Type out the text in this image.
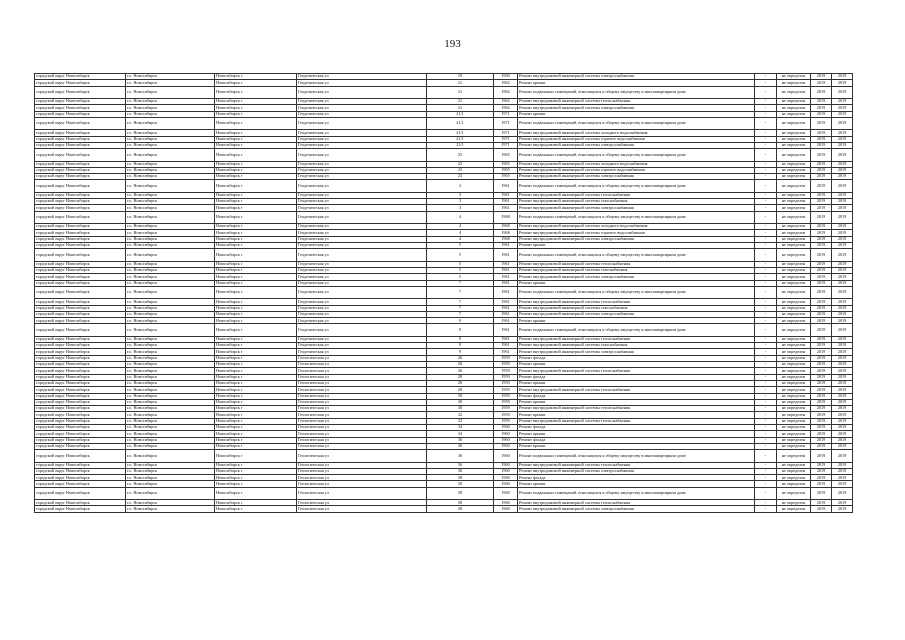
193
городской округ Новосибирск	г.о. Новосибирск	Новосибирск г	Геодезическая ул	19	1960	Ремонт внутридомовой инженерной системы электроснабжения	-	не определен	2019	2019
городской округ Новосибирск	г.о. Новосибирск	Новосибирск г	Геодезическая ул	21	1962	Ремонт крыши	-	не определен	2019	2019
городской округ Новосибирск	г.о. Новосибирск	Новосибирск г	Геодезическая ул	21	1962	Ремонт подвальных помещений, относящихся к общему имуществу в многоквартирном доме	-	не определен	2019	2019
городской округ Новосибирск	г.о. Новосибирск	Новосибирск г	Геодезическая ул	21	1962	Ремонт внутридомовой инженерной системы теплоснабжения	-	не определен	2019	2019
городской округ Новосибирск	г.о. Новосибирск	Новосибирск г	Геодезическая ул	21	1962	Ремонт внутридомовой инженерной системы электроснабжения	-	не определен	2019	2019
городской округ Новосибирск	г.о. Новосибирск	Новосибирск г	Геодезическая ул	21/1	1971	Ремонт крыши	-	не определен	2019	2019
городской округ Новосибирск	г.о. Новосибирск	Новосибирск г	Геодезическая ул	21/1	1971	Ремонт подвальных помещений, относящихся к общему имуществу в многоквартирном доме	-	не определен	2019	2019
городской округ Новосибирск	г.о. Новосибирск	Новосибирск г	Геодезическая ул	21/1	1971	Ремонт внутридомовой инженерной системы холодного водоснабжения	-	не определен	2019	2019
городской округ Новосибирск	г.о. Новосибирск	Новосибирск г	Геодезическая ул	21/1	1971	Ремонт внутридомовой инженерной системы горячего водоснабжения	-	не определен	2019	2019
городской округ Новосибирск	г.о. Новосибирск	Новосибирск г	Геодезическая ул	21/1	1971	Ремонт внутридомовой инженерной системы электроснабжения	-	не определен	2019	2019
городской округ Новосибирск	г.о. Новосибирск	Новосибирск г	Геодезическая ул	23	1965	Ремонт подвальных помещений, относящихся к общему имуществу в многоквартирном доме	-	не определен	2019	2019
городской округ Новосибирск	г.о. Новосибирск	Новосибирск г	Геодезическая ул	23	1965	Ремонт внутридомовой инженерной системы холодного водоснабжения	-	не определен	2019	2019
городской округ Новосибирск	г.о. Новосибирск	Новосибирск г	Геодезическая ул	23	1965	Ремонт внутридомовой инженерной системы горячего водоснабжения	-	не определен	2019	2019
городской округ Новосибирск	г.о. Новосибирск	Новосибирск г	Геодезическая ул	23	1965	Ремонт внутридомовой инженерной системы электроснабжения	-	не определен	2019	2019
городской округ Новосибирск	г.о. Новосибирск	Новосибирск г	Геодезическая ул	3	1961	Ремонт подвальных помещений, относящихся к общему имуществу в многоквартирном доме	-	не определен	2019	2019
городской округ Новосибирск	г.о. Новосибирск	Новосибирск г	Геодезическая ул	3	1961	Ремонт внутридомовой инженерной системы теплоснабжения	-	не определен	2019	2019
городской округ Новосибирск	г.о. Новосибирск	Новосибирск г	Геодезическая ул	3	1961	Ремонт внутридомовой инженерной системы газоснабжения	-	не определен	2019	2019
городской округ Новосибирск	г.о. Новосибирск	Новосибирск г	Геодезическая ул	3	1961	Ремонт внутридомовой инженерной системы электроснабжения	-	не определен	2019	2019
городской округ Новосибирск	г.о. Новосибирск	Новосибирск г	Геодезическая ул	4	1968	Ремонт подвальных помещений, относящихся к общему имуществу в многоквартирном доме	-	не определен	2019	2019
городской округ Новосибирск	г.о. Новосибирск	Новосибирск г	Геодезическая ул	4	1968	Ремонт внутридомовой инженерной системы холодного водоснабжения	-	не определен	2019	2019
городской округ Новосибирск	г.о. Новосибирск	Новосибирск г	Геодезическая ул	4	1968	Ремонт внутридомовой инженерной системы горячего водоснабжения	-	не определен	2019	2019
городской округ Новосибирск	г.о. Новосибирск	Новосибирск г	Геодезическая ул	4	1968	Ремонт внутридомовой инженерной системы электроснабжения	-	не определен	2019	2019
городской округ Новосибирск	г.о. Новосибирск	Новосибирск г	Геодезическая ул	5	1961	Ремонт крыши	-	не определен	2019	2019
городской округ Новосибирск	г.о. Новосибирск	Новосибирск г	Геодезическая ул	5	1961	Ремонт подвальных помещений, относящихся к общему имуществу в многоквартирном доме	-	не определен	2019	2019
городской округ Новосибирск	г.о. Новосибирск	Новосибирск г	Геодезическая ул	5	1961	Ремонт внутридомовой инженерной системы теплоснабжения	-	не определен	2019	2019
городской округ Новосибирск	г.о. Новосибирск	Новосибирск г	Геодезическая ул	5	1961	Ремонт внутридомовой инженерной системы газоснабжения	-	не определен	2019	2019
городской округ Новосибирск	г.о. Новосибирск	Новосибирск г	Геодезическая ул	5	1961	Ремонт внутридомовой инженерной системы электроснабжения	-	не определен	2019	2019
городской округ Новосибирск	г.о. Новосибирск	Новосибирск г	Геодезическая ул	7	1961	Ремонт крыши	-	не определен	2019	2019
городской округ Новосибирск	г.о. Новосибирск	Новосибирск г	Геодезическая ул	7	1961	Ремонт подвальных помещений, относящихся к общему имуществу в многоквартирном доме	-	не определен	2019	2019
городской округ Новосибирск	г.о. Новосибирск	Новосибирск г	Геодезическая ул	7	1961	Ремонт внутридомовой инженерной системы теплоснабжения	-	не определен	2019	2019
городской округ Новосибирск	г.о. Новосибирск	Новосибирск г	Геодезическая ул	7	1961	Ремонт внутридомовой инженерной системы газоснабжения	-	не определен	2019	2019
городской округ Новосибирск	г.о. Новосибирск	Новосибирск г	Геодезическая ул	7	1961	Ремонт внутридомовой инженерной системы электроснабжения	-	не определен	2019	2019
городской округ Новосибирск	г.о. Новосибирск	Новосибирск г	Геодезическая ул	9	1961	Ремонт крыши	-	не определен	2019	2019
городской округ Новосибирск	г.о. Новосибирск	Новосибирск г	Геодезическая ул	9	1961	Ремонт подвальных помещений, относящихся к общему имуществу в многоквартирном доме	-	не определен	2019	2019
городской округ Новосибирск	г.о. Новосибирск	Новосибирск г	Геодезическая ул	9	1961	Ремонт внутридомовой инженерной системы теплоснабжения	-	не определен	2019	2019
городской округ Новосибирск	г.о. Новосибирск	Новосибирск г	Геодезическая ул	9	1961	Ремонт внутридомовой инженерной системы газоснабжения	-	не определен	2019	2019
городской округ Новосибирск	г.о. Новосибирск	Новосибирск г	Геодезическая ул	9	1961	Ремонт внутридомовой инженерной системы электроснабжения	-	не определен	2019	2019
городской округ Новосибирск	г.о. Новосибирск	Новосибирск г	Геологическая ул	26	1959	Ремонт фасада	-	не определен	2019	2019
городской округ Новосибирск	г.о. Новосибирск	Новосибирск г	Геологическая ул	26	1959	Ремонт крыши	-	не определен	2019	2019
городской округ Новосибирск	г.о. Новосибирск	Новосибирск г	Геологическая ул	26	1959	Ремонт внутридомовой инженерной системы теплоснабжения	-	не определен	2019	2019
городской округ Новосибирск	г.о. Новосибирск	Новосибирск г	Геологическая ул	28	1959	Ремонт фасада	-	не определен	2019	2019
городской округ Новосибирск	г.о. Новосибирск	Новосибирск г	Геологическая ул	28	1959	Ремонт крыши	-	не определен	2019	2019
городской округ Новосибирск	г.о. Новосибирск	Новосибирск г	Геологическая ул	28	1959	Ремонт внутридомовой инженерной системы теплоснабжения	-	не определен	2019	2019
городской округ Новосибирск	г.о. Новосибирск	Новосибирск г	Геологическая ул	30	1959	Ремонт фасада	-	не определен	2019	2019
городской округ Новосибирск	г.о. Новосибирск	Новосибирск г	Геологическая ул	30	1959	Ремонт крыши	-	не определен	2019	2019
городской округ Новосибирск	г.о. Новосибирск	Новосибирск г	Геологическая ул	30	1959	Ремонт внутридомовой инженерной системы теплоснабжения	-	не определен	2019	2019
городской округ Новосибирск	г.о. Новосибирск	Новосибирск г	Геологическая ул	32	1959	Ремонт крыши	-	не определен	2019	2019
городской округ Новосибирск	г.о. Новосибирск	Новосибирск г	Геологическая ул	32	1959	Ремонт внутридомовой инженерной системы теплоснабжения	-	не определен	2019	2019
городской округ Новосибирск	г.о. Новосибирск	Новосибирск г	Геологическая ул	34	1960	Ремонт фасада	-	не определен	2019	2019
городской округ Новосибирск	г.о. Новосибирск	Новосибирск г	Геологическая ул	34	1960	Ремонт крыши	-	не определен	2019	2019
городской округ Новосибирск	г.о. Новосибирск	Новосибирск г	Геологическая ул	36	1960	Ремонт фасада	-	не определен	2019	2019
городской округ Новосибирск	г.о. Новосибирск	Новосибирск г	Геологическая ул	36	1960	Ремонт крыши	-	не определен	2019	2019
городской округ Новосибирск	г.о. Новосибирск	Новосибирск г	Геологическая ул	36	1960	Ремонт подвальных помещений, относящихся к общему имуществу в многоквартирном доме	-	не определен	2019	2019
городской округ Новосибирск	г.о. Новосибирск	Новосибирск г	Геологическая ул	36	1960	Ремонт внутридомовой инженерной системы теплоснабжения	-	не определен	2019	2019
городской округ Новосибирск	г.о. Новосибирск	Новосибирск г	Геологическая ул	36	1960	Ремонт внутридомовой инженерной системы электроснабжения	-	не определен	2019	2019
городской округ Новосибирск	г.о. Новосибирск	Новосибирск г	Геологическая ул	38	1960	Ремонт фасада	-	не определен	2019	2019
городской округ Новосибирск	г.о. Новосибирск	Новосибирск г	Геологическая ул	38	1960	Ремонт крыши	-	не определен	2019	2019
городской округ Новосибирск	г.о. Новосибирск	Новосибирск г	Геологическая ул	38	1960	Ремонт подвальных помещений, относящихся к общему имуществу в многоквартирном доме	-	не определен	2019	2019
городской округ Новосибирск	г.о. Новосибирск	Новосибирск г	Геологическая ул	38	1960	Ремонт внутридомовой инженерной системы теплоснабжения	-	не определен	2019	2019
городской округ Новосибирск	г.о. Новосибирск	Новосибирск г	Геологическая ул	38	1960	Ремонт внутридомовой инженерной системы электроснабжения	-	не определен	2019	2019
